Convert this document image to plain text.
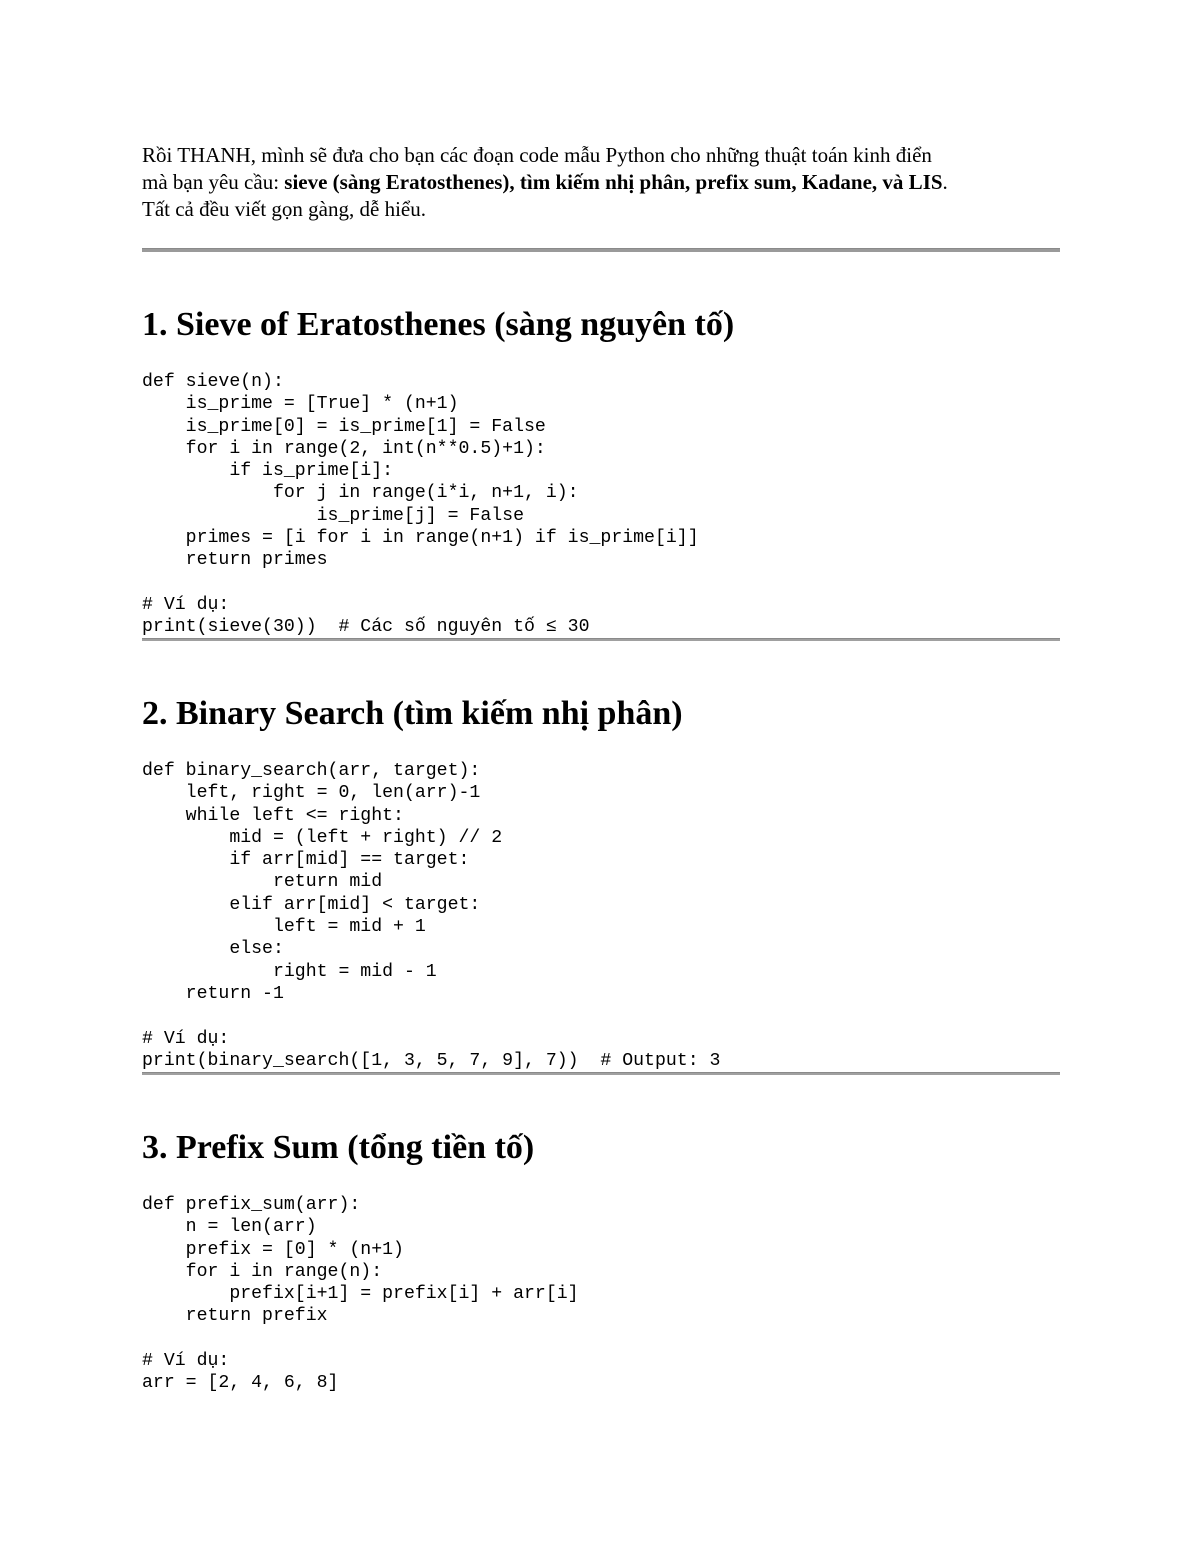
Rồi THANH, mình sẽ đưa cho bạn các đoạn code mẫu Python cho những thuật toán kinh điển
mà bạn yêu cầu: sieve (sàng Eratosthenes), tìm kiếm nhị phân, prefix sum, Kadane, và LIS.
Tất cả đều viết gọn gàng, dễ hiểu.

1. Sieve of Eratosthenes (sàng nguyên tố)
def sieve(n):
is_prime = [True] * (n+1)
is_prime[0] = is_prime[1] = False
for i in range(2, int(n**0.5)+1):
if is_prime[i]:
for j in range(i*i, n+1, i):
is_prime[j] = False
primes = [i for i in range(n+1) if is_prime[i]]
return primes

# Ví dụ:
print(sieve(30))  # Các số nguyên tố ≤ 30
2. Binary Search (tìm kiếm nhị phân)
def binary_search(arr, target):
left, right = 0, len(arr)-1
while left <= right:
mid = (left + right) // 2
if arr[mid] == target:
return mid
elif arr[mid] < target:
left = mid + 1
else:
right = mid - 1
return -1

# Ví dụ:
print(binary_search([1, 3, 5, 7, 9], 7))  # Output: 3
3. Prefix Sum (tổng tiền tố)
def prefix_sum(arr):
n = len(arr)
prefix = [0] * (n+1)
for i in range(n):
prefix[i+1] = prefix[i] + arr[i]
return prefix

# Ví dụ:
arr = [2, 4, 6, 8]
